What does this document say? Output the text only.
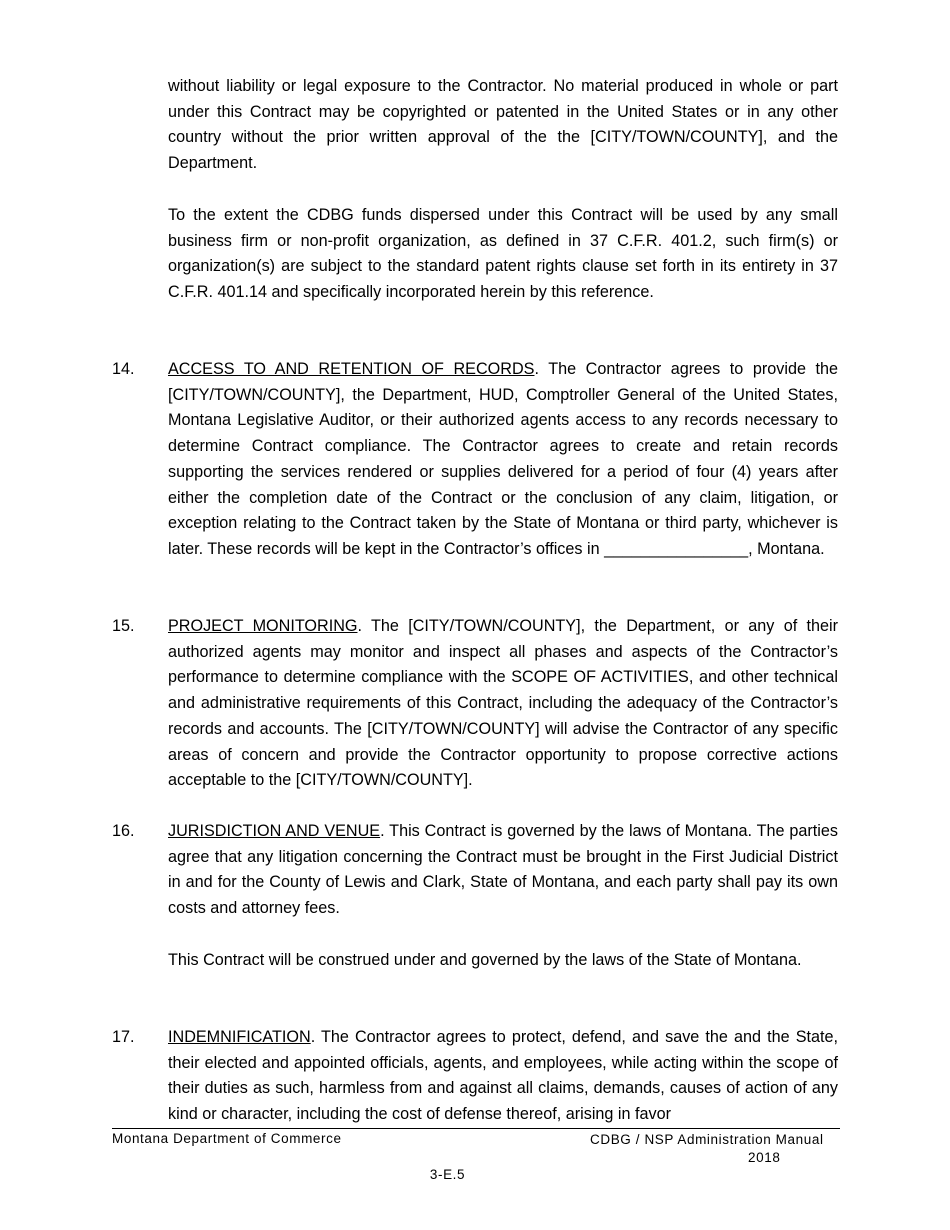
without liability or legal exposure to the Contractor. No material produced in whole or part under this Contract may be copyrighted or patented in the United States or in any other country without the prior written approval of the the [CITY/TOWN/COUNTY], and the Department.
To the extent the CDBG funds dispersed under this Contract will be used by any small business firm or non-profit organization, as defined in 37 C.F.R. 401.2, such firm(s) or organization(s) are subject to the standard patent rights clause set forth in its entirety in 37 C.F.R. 401.14 and specifically incorporated herein by this reference.
14. ACCESS TO AND RETENTION OF RECORDS. The Contractor agrees to provide the [CITY/TOWN/COUNTY], the Department, HUD, Comptroller General of the United States, Montana Legislative Auditor, or their authorized agents access to any records necessary to determine Contract compliance. The Contractor agrees to create and retain records supporting the services rendered or supplies delivered for a period of four (4) years after either the completion date of the Contract or the conclusion of any claim, litigation, or exception relating to the Contract taken by the State of Montana or third party, whichever is later. These records will be kept in the Contractor’s offices in ________________, Montana.
15. PROJECT MONITORING. The [CITY/TOWN/COUNTY], the Department, or any of their authorized agents may monitor and inspect all phases and aspects of the Contractor’s performance to determine compliance with the SCOPE OF ACTIVITIES, and other technical and administrative requirements of this Contract, including the adequacy of the Contractor’s records and accounts. The [CITY/TOWN/COUNTY] will advise the Contractor of any specific areas of concern and provide the Contractor opportunity to propose corrective actions acceptable to the [CITY/TOWN/COUNTY].
16. JURISDICTION AND VENUE. This Contract is governed by the laws of Montana. The parties agree that any litigation concerning the Contract must be brought in the First Judicial District in and for the County of Lewis and Clark, State of Montana, and each party shall pay its own costs and attorney fees.
This Contract will be construed under and governed by the laws of the State of Montana.
17. INDEMNIFICATION. The Contractor agrees to protect, defend, and save the and the State, their elected and appointed officials, agents, and employees, while acting within the scope of their duties as such, harmless from and against all claims, demands, causes of action of any kind or character, including the cost of defense thereof, arising in favor
Montana Department of Commerce	CDBG / NSP Administration Manual
2018
3-E.5
